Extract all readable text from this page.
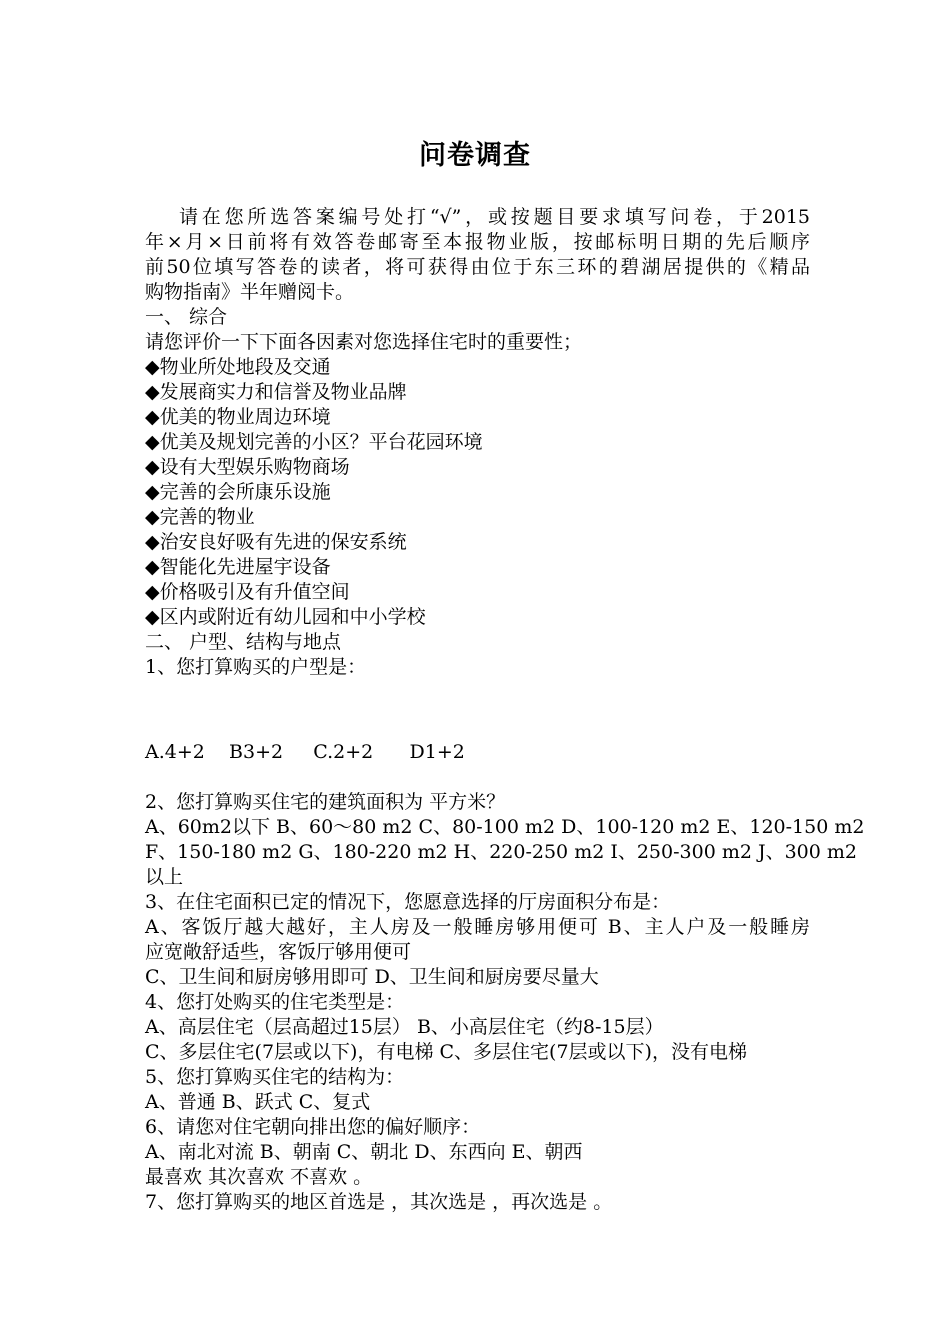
问卷调查
请在您所选答案编号处打“√”，或按题目要求填写问卷，于2015
年×月×日前将有效答卷邮寄至本报物业版，按邮标明日期的先后顺序
前50位填写答卷的读者，将可获得由位于东三环的碧湖居提供的《精品
购物指南》半年赠阅卡。
一、 综合
请您评价一下下面各因素对您选择住宅时的重要性；
◆物业所处地段及交通
◆发展商实力和信誉及物业品牌
◆优美的物业周边环境
◆优美及规划完善的小区？平台花园环境
◆设有大型娱乐购物商场
◆完善的会所康乐设施
◆完善的物业
◆治安良好吸有先进的保安系统
◆智能化先进屋宇设备
◆价格吸引及有升值空间
◆区内或附近有幼儿园和中小学校
二、 户型、结构与地点
1、您打算购买的户型是：
A.4+2    B3+2     C.2+2      D1+2
2、您打算购买住宅的建筑面积为 平方米？
A、60m2以下 B、60～80 m2 C、80-100 m2 D、100-120 m2 E、120-150 m2
F、150-180 m2 G、180-220 m2 H、220-250 m2 I、250-300 m2 J、300 m2
以上
3、在住宅面积已定的情况下，您愿意选择的厅房面积分布是：
A、客饭厅越大越好，主人房及一般睡房够用便可 B、主人户及一般睡房
应宽敞舒适些，客饭厅够用便可
C、卫生间和厨房够用即可 D、卫生间和厨房要尽量大
4、您打处购买的住宅类型是：
A、高层住宅（层高超过15层） B、小高层住宅（约8-15层）
C、多层住宅(7层或以下)，有电梯 C、多层住宅(7层或以下)，没有电梯
5、您打算购买住宅的结构为：
A、普通 B、跃式 C、复式
6、请您对住宅朝向排出您的偏好顺序：
A、南北对流 B、朝南 C、朝北 D、东西向 E、朝西
最喜欢 其次喜欢 不喜欢 。
7、您打算购买的地区首选是 ，其次选是 ，再次选是 。
